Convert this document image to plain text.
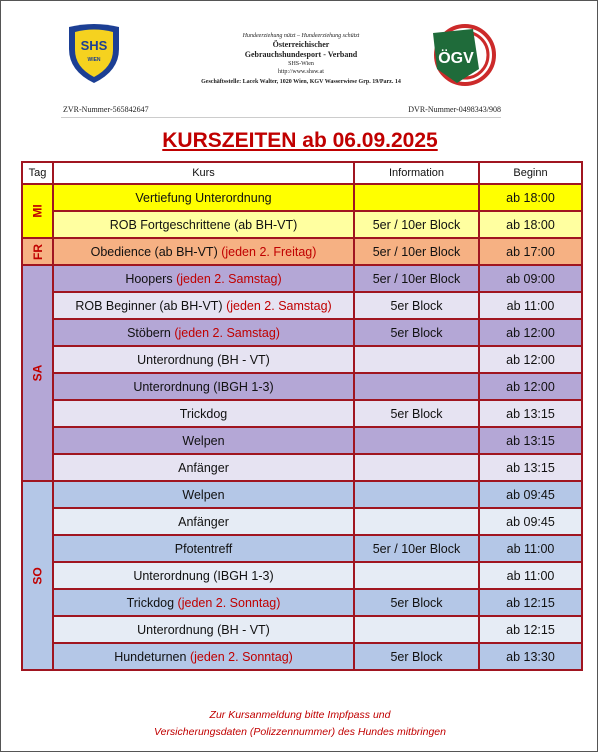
SHS
WIEN
Hundeerziehung nützt – Hundeerziehung schützt
Österreichischer
Gebrauchshundesport - Verband
SHS-Wien
http://www.shsw.at
Geschäftsstelle: Lacek Walter, 1020 Wien, KGV Wasserwiese Grp. 19/Parz. 14
ÖGV
ZVR-Nummer-565842647	DVR-Nummer-0498343/908
KURSZEITEN ab 06.09.2025
Tag	Kurs	Information	Beginn
MI	Vertiefung Unterordnung		ab 18:00
	ROB Fortgeschrittene (ab BH-VT)	5er / 10er Block	ab 18:00
FR	Obedience (ab BH-VT) (jeden 2. Freitag)	5er / 10er Block	ab 17:00
SA	Hoopers (jeden 2. Samstag)	5er / 10er Block	ab 09:00
	ROB Beginner (ab BH-VT) (jeden 2. Samstag)	5er Block	ab 11:00
	Stöbern (jeden 2. Samstag)	5er Block	ab 12:00
	Unterordnung (BH - VT)		ab 12:00
	Unterordnung (IBGH 1-3)		ab 12:00
	Trickdog	5er Block	ab 13:15
	Welpen		ab 13:15
	Anfänger		ab 13:15
SO	Welpen		ab 09:45
	Anfänger		ab 09:45
	Pfotentreff	5er / 10er Block	ab 11:00
	Unterordnung (IBGH 1-3)		ab 11:00
	Trickdog (jeden 2. Sonntag)	5er Block	ab 12:15
	Unterordnung (BH - VT)		ab 12:15
	Hundeturnen (jeden 2. Sonntag)	5er Block	ab 13:30
Zur Kursanmeldung bitte Impfpass und
Versicherungsdaten (Polizzennummer) des Hundes mitbringen
